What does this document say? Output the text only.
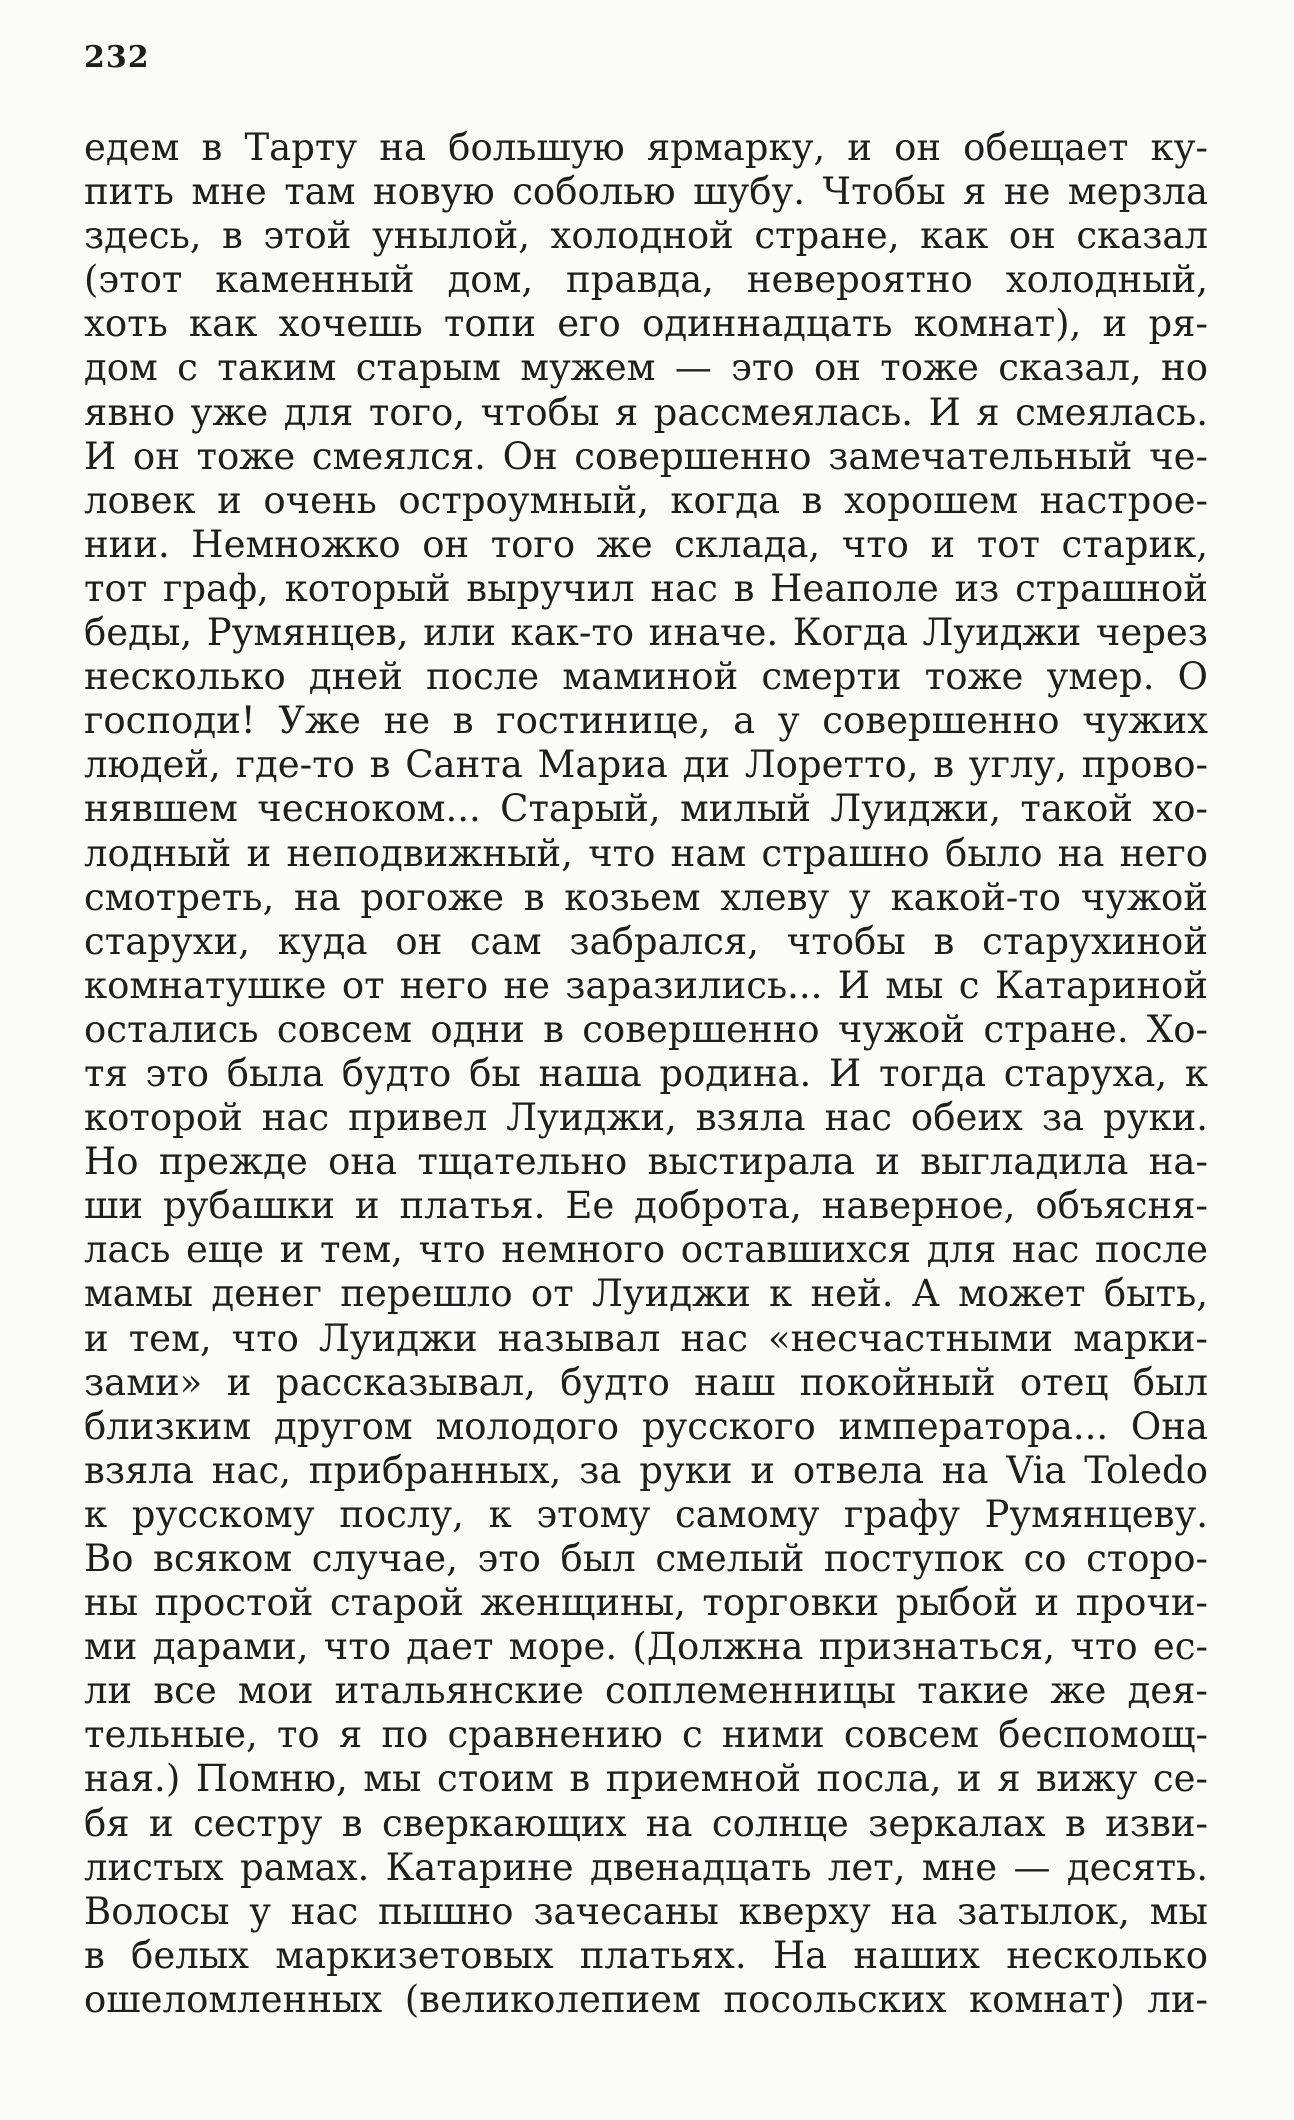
232
едем в Тарту на большую ярмарку, и он обещает ку-
пить мне там новую соболью шубу. Чтобы я не мерзла
здесь, в этой унылой, холодной стране, как он сказал
(этот каменный дом, правда, невероятно холодный,
хоть как хочешь топи его одиннадцать комнат), и ря-
дом с таким старым мужем — это он тоже сказал, но
явно уже для того, чтобы я рассмеялась. И я смеялась.
И он тоже смеялся. Он совершенно замечательный че-
ловек и очень остроумный, когда в хорошем настрое-
нии. Немножко он того же склада, что и тот старик,
тот граф, который выручил нас в Неаполе из страшной
беды, Румянцев, или как-то иначе. Когда Луиджи через
несколько дней после маминой смерти тоже умер. О
господи! Уже не в гостинице, а у совершенно чужих
людей, где-то в Санта Мариа ди Лоретто, в углу, прово-
нявшем чесноком... Старый, милый Луиджи, такой хо-
лодный и неподвижный, что нам страшно было на него
смотреть, на рогоже в козьем хлеву у какой-то чужой
старухи, куда он сам забрался, чтобы в старухиной
комнатушке от него не заразились... И мы с Катариной
остались совсем одни в совершенно чужой стране. Хо-
тя это была будто бы наша родина. И тогда старуха, к
которой нас привел Луиджи, взяла нас обеих за руки.
Но прежде она тщательно выстирала и выгладила на-
ши рубашки и платья. Ее доброта, наверное, объясня-
лась еще и тем, что немного оставшихся для нас после
мамы денег перешло от Луиджи к ней. А может быть,
и тем, что Луиджи называл нас «несчастными марки-
зами» и рассказывал, будто наш покойный отец был
близким другом молодого русского императора... Она
взяла нас, прибранных, за руки и отвела на Via Toledo
к русскому послу, к этому самому графу Румянцеву.
Во всяком случае, это был смелый поступок со сторо-
ны простой старой женщины, торговки рыбой и прочи-
ми дарами, что дает море. (Должна признаться, что ес-
ли все мои итальянские соплеменницы такие же дея-
тельные, то я по сравнению с ними совсем беспомощ-
ная.) Помню, мы стоим в приемной посла, и я вижу се-
бя и сестру в сверкающих на солнце зеркалах в изви-
листых рамах. Катарине двенадцать лет, мне — десять.
Волосы у нас пышно зачесаны кверху на затылок, мы
в белых маркизетовых платьях. На наших несколько
ошеломленных (великолепием посольских комнат) ли-
